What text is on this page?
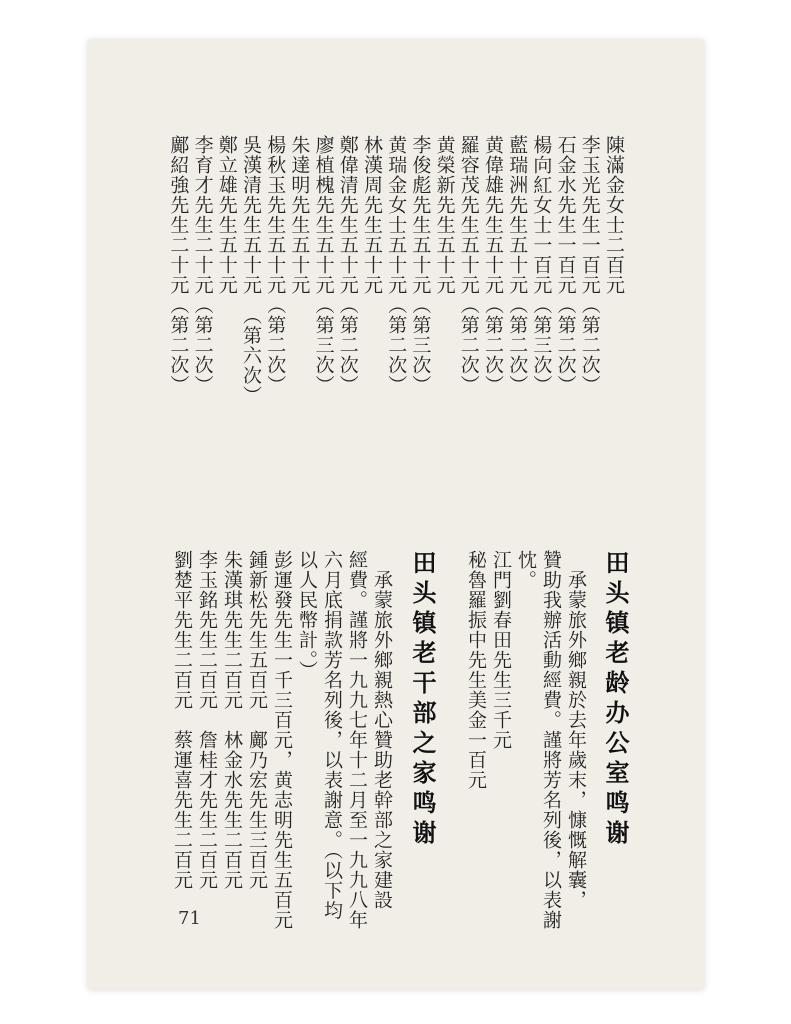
陳滿金女士二百元
李玉光先生一百元（第二次）
石金水先生一百元（第二次）
楊向紅女士一百元（第三次）
藍瑞洲先生五十元（第二次）
黄偉雄先生五十元（第二次）
羅容茂先生五十元（第二次）
黄榮新先生五十元
李俊彪先生五十元（第三次）
黄瑞金女士五十元（第二次）
林漢周先生五十元
鄭偉清先生五十元（第二次）
廖植槐先生五十元（第三次）
朱達明先生五十元
楊秋玉先生五十元（第二次）
吳漢清先生五十元　（第六次）
鄭立雄先生五十元
李育才先生二十元（第二次）
鄺紹強先生二十元（第二次）
田头镇老龄办公室鸣谢
　承蒙旅外鄉親於去年歲末，慷慨解囊，
贊助我辦活動經費。謹將芳名列後，以表謝
忱。
江門劉春田先生三千元
秘魯羅振中先生美金一百元
田头镇老干部之家鸣谢
　承蒙旅外鄉親熱心贊助老幹部之家建設
經費。謹將一九九七年十二月至一九九八年
六月底捐款芳名列後，以表謝意。（以下均
以人民幣計。）
彭運發先生一千三百元，黄志明先生五百元
鍾新松先生五百元　鄺乃宏先生三百元
朱漢琪先生二百元　林金水先生二百元
李玉銘先生二百元　詹桂才先生二百元
劉楚平先生二百元　蔡運喜先生二百元
71
